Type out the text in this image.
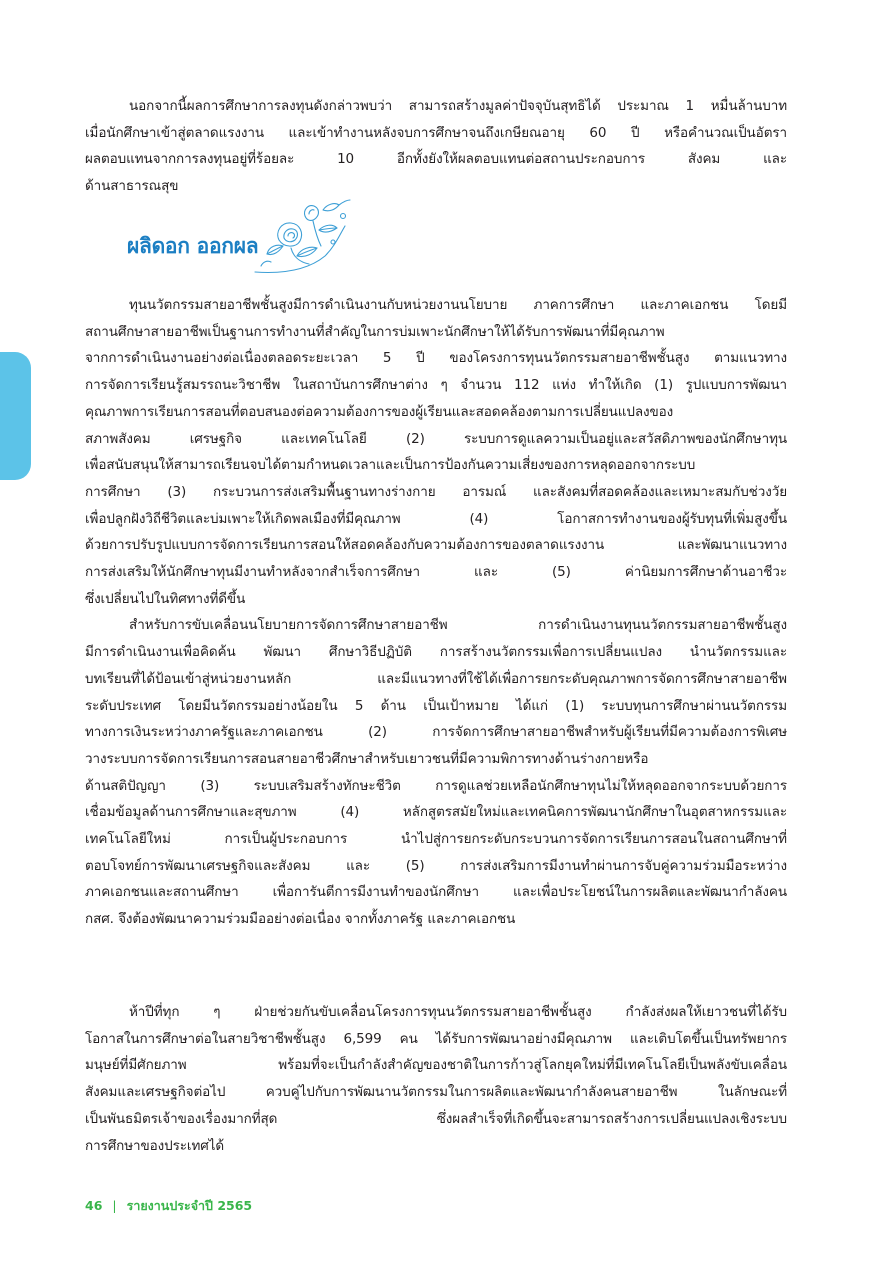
นอกจากนี้ผลการศึกษาการลงทุนดังกล่าวพบว่า สามารถสร้างมูลค่าปัจจุบันสุทธิได้ ประมาณ 1 หมื่นล้านบาท
เมื่อนักศึกษาเข้าสู่ตลาดแรงงาน และเข้าทำงานหลังจบการศึกษาจนถึงเกษียณอายุ 60 ปี หรือคำนวณเป็นอัตรา
ผลตอบแทนจากการลงทุนอยู่ที่ร้อยละ 10 อีกทั้งยังให้ผลตอบแทนต่อสถานประกอบการ สังคม และ
ด้านสาธารณสุข
ผลิดอก ออกผล
ทุนนวัตกรรมสายอาชีพชั้นสูงมีการดำเนินงานกับหน่วยงานนโยบาย ภาคการศึกษา และภาคเอกชน โดยมี
สถานศึกษาสายอาชีพเป็นฐานการทำงานที่สำคัญในการบ่มเพาะนักศึกษาให้ได้รับการพัฒนาที่มีคุณภาพ
จากการดำเนินงานอย่างต่อเนื่องตลอดระยะเวลา 5 ปี ของโครงการทุนนวัตกรรมสายอาชีพชั้นสูง ตามแนวทาง
การจัดการเรียนรู้สมรรถนะวิชาชีพ ในสถาบันการศึกษาต่าง ๆ จำนวน 112 แห่ง ทำให้เกิด (1) รูปแบบการพัฒนา
คุณภาพการเรียนการสอนที่ตอบสนองต่อความต้องการของผู้เรียนและสอดคล้องตามการเปลี่ยนแปลงของ
สภาพสังคม เศรษฐกิจ และเทคโนโลยี (2) ระบบการดูแลความเป็นอยู่และสวัสดิภาพของนักศึกษาทุน
เพื่อสนับสนุนให้สามารถเรียนจบได้ตามกำหนดเวลาและเป็นการป้องกันความเสี่ยงของการหลุดออกจากระบบ
การศึกษา (3) กระบวนการส่งเสริมพื้นฐานทางร่างกาย อารมณ์ และสังคมที่สอดคล้องและเหมาะสมกับช่วงวัย
เพื่อปลูกฝังวิถีชีวิตและบ่มเพาะให้เกิดพลเมืองที่มีคุณภาพ (4) โอกาสการทำงานของผู้รับทุนที่เพิ่มสูงขึ้น
ด้วยการปรับรูปแบบการจัดการเรียนการสอนให้สอดคล้องกับความต้องการของตลาดแรงงาน และพัฒนาแนวทาง
การส่งเสริมให้นักศึกษาทุนมีงานทำหลังจากสำเร็จการศึกษา และ (5) ค่านิยมการศึกษาด้านอาชีวะ
ซึ่งเปลี่ยนไปในทิศทางที่ดีขึ้น
สำหรับการขับเคลื่อนนโยบายการจัดการศึกษาสายอาชีพ การดำเนินงานทุนนวัตกรรมสายอาชีพชั้นสูง
มีการดำเนินงานเพื่อคิดค้น พัฒนา ศึกษาวิธีปฏิบัติ การสร้างนวัตกรรมเพื่อการเปลี่ยนแปลง นำนวัตกรรมและ
บทเรียนที่ได้ป้อนเข้าสู่หน่วยงานหลัก และมีแนวทางที่ใช้ได้เพื่อการยกระดับคุณภาพการจัดการศึกษาสายอาชีพ
ระดับประเทศ โดยมีนวัตกรรมอย่างน้อยใน 5 ด้าน เป็นเป้าหมาย ได้แก่ (1) ระบบทุนการศึกษาผ่านนวัตกรรม
ทางการเงินระหว่างภาครัฐและภาคเอกชน (2) การจัดการศึกษาสายอาชีพสำหรับผู้เรียนที่มีความต้องการพิเศษ
วางระบบการจัดการเรียนการสอนสายอาชีวศึกษาสำหรับเยาวชนที่มีความพิการทางด้านร่างกายหรือ
ด้านสติปัญญา (3) ระบบเสริมสร้างทักษะชีวิต การดูแลช่วยเหลือนักศึกษาทุนไม่ให้หลุดออกจากระบบด้วยการ
เชื่อมข้อมูลด้านการศึกษาและสุขภาพ (4) หลักสูตรสมัยใหม่และเทคนิคการพัฒนานักศึกษาในอุตสาหกรรมและ
เทคโนโลยีใหม่ การเป็นผู้ประกอบการ นำไปสู่การยกระดับกระบวนการจัดการเรียนการสอนในสถานศึกษาที่
ตอบโจทย์การพัฒนาเศรษฐกิจและสังคม และ (5) การส่งเสริมการมีงานทำผ่านการจับคู่ความร่วมมือระหว่าง
ภาคเอกชนและสถานศึกษา เพื่อการันตีการมีงานทำของนักศึกษา และเพื่อประโยชน์ในการผลิตและพัฒนากำลังคน
กสศ. จึงต้องพัฒนาความร่วมมืออย่างต่อเนื่อง จากทั้งภาครัฐ และภาคเอกชน
ห้าปีที่ทุก ๆ ฝ่ายช่วยกันขับเคลื่อนโครงการทุนนวัตกรรมสายอาชีพชั้นสูง กำลังส่งผลให้เยาวชนที่ได้รับ
โอกาสในการศึกษาต่อในสายวิชาชีพชั้นสูง 6,599 คน ได้รับการพัฒนาอย่างมีคุณภาพ และเติบโตขึ้นเป็นทรัพยากร
มนุษย์ที่มีศักยภาพ พร้อมที่จะเป็นกำลังสำคัญของชาติในการก้าวสู่โลกยุคใหม่ที่มีเทคโนโลยีเป็นพลังขับเคลื่อน
สังคมและเศรษฐกิจต่อไป ควบคู่ไปกับการพัฒนานวัตกรรมในการผลิตและพัฒนากำลังคนสายอาชีพ ในลักษณะที่
เป็นพันธมิตรเจ้าของเรื่องมากที่สุด ซึ่งผลสำเร็จที่เกิดขึ้นจะสามารถสร้างการเปลี่ยนแปลงเชิงระบบ
การศึกษาของประเทศได้
46 | รายงานประจำปี 2565
